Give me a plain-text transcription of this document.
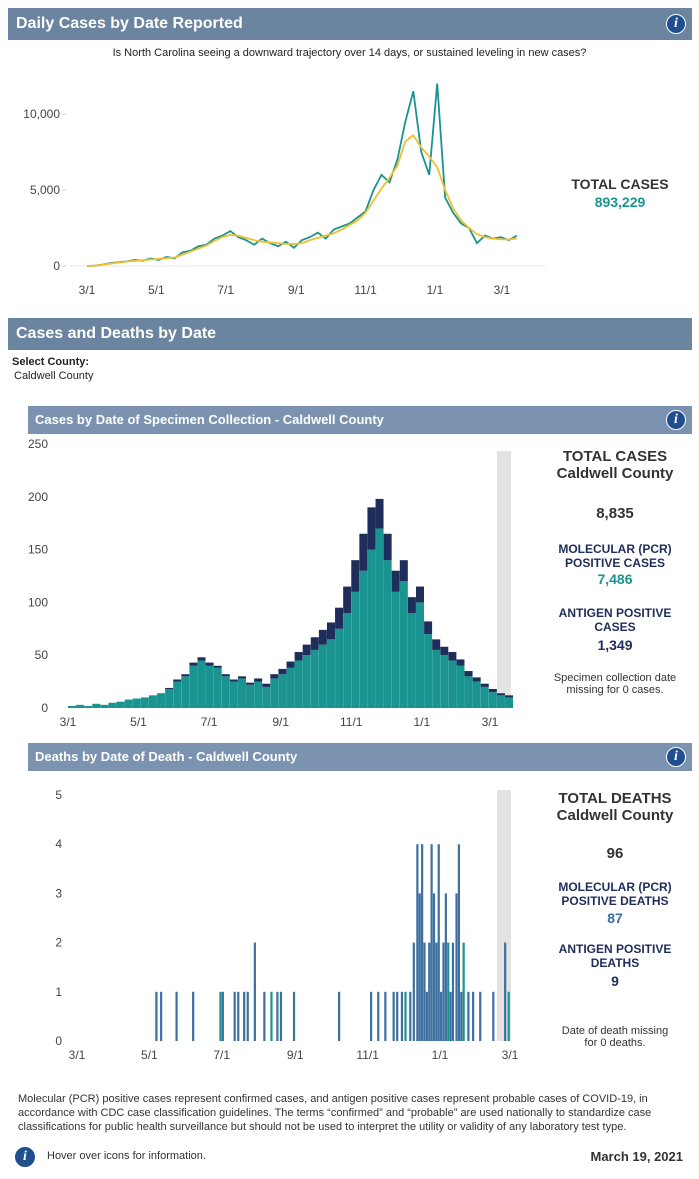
Daily Cases by Date Reported	i
Is North Carolina seeing a downward trajectory over 14 days, or sustained leveling in new cases?
0
5,000
10,000
3/1	5/1	7/1	9/1	11/1	1/1	3/1
TOTAL CASES
893,229
Cases and Deaths by Date
Select County:
Caldwell County
Cases by Date of Specimen Collection - Caldwell County	i
0
50
100
150
200
250
3/1	5/1	7/1	9/1	11/1	1/1	3/1
TOTAL CASES
Caldwell County
8,835
MOLECULAR (PCR) POSITIVE CASES
7,486
ANTIGEN POSITIVE CASES
1,349
Specimen collection date missing for 0 cases.
Deaths by Date of Death - Caldwell County	i
0
1
2
3
4
5
3/1	5/1	7/1	9/1	11/1	1/1	3/1
TOTAL DEATHS
Caldwell County
96
MOLECULAR (PCR) POSITIVE DEATHS
87
ANTIGEN POSITIVE DEATHS
9
Date of death missing for 0 deaths.
Molecular (PCR) positive cases represent confirmed cases, and antigen positive cases represent probable cases of COVID-19, in accordance with CDC case classification guidelines. The terms “confirmed” and “probable” are used nationally to standardize case classifications for public health surveillance but should not be used to interpret the utility or validity of any laboratory test type.
i	Hover over icons for information.	March 19, 2021
